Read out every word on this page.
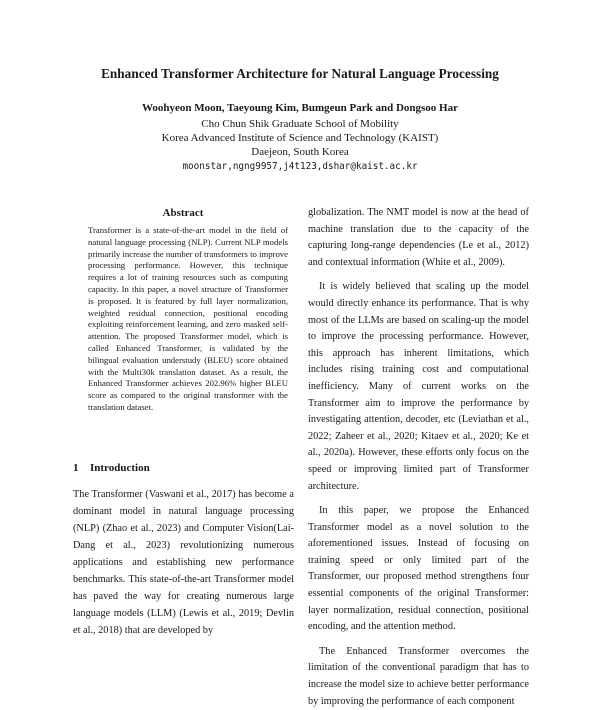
Enhanced Transformer Architecture for Natural Language Processing
Woohyeon Moon, Taeyoung Kim, Bumgeun Park and Dongsoo Har
Cho Chun Shik Graduate School of Mobility
Korea Advanced Institute of Science and Technology (KAIST)
Daejeon, South Korea
moonstar,ngng9957,j4t123,dshar@kaist.ac.kr
Abstract

Transformer is a state-of-the-art model in the field of natural language processing (NLP). Current NLP models primarily increase the number of transformers to improve processing performance. However, this technique requires a lot of training resources such as computing capacity. In this paper, a novel structure of Transformer is proposed. It is featured by full layer normalization, weighted residual connection, positional encoding exploiting reinforcement learning, and zero masked self-attention. The proposed Transformer model, which is called Enhanced Transformer, is validated by the bilingual evaluation understudy (BLEU) score obtained with the Multi30k translation dataset. As a result, the Enhanced Transformer achieves 202.96% higher BLEU score as compared to the original transformer with the translation dataset.

1 Introduction

The Transformer (Vaswani et al., 2017) has become a dominant model in natural language processing (NLP) (Zhao et al., 2023) and Computer Vision(Lai-Dang et al., 2023) revolutionizing numerous applications and establishing new performance benchmarks. This state-of-the-art Transformer model has paved the way for creating numerous large language models (LLM) (Lewis et al., 2019; Devlin et al., 2018) that are developed by

globalization. The NMT model is now at the head of machine translation due to the capacity of the capturing long-range dependencies (Le et al., 2012) and contextual information (White et al., 2009).

It is widely believed that scaling up the model would directly enhance its performance. That is why most of the LLMs are based on scaling-up the model to improve the processing performance. However, this approach has inherent limitations, which includes rising training cost and computational inefficiency. Many of current works on the Transformer aim to improve the performance by investigating attention, decoder, etc (Leviathan et al., 2022; Zaheer et al., 2020; Kitaev et al., 2020; Ke et al., 2020a). However, these efforts only focus on the speed or improving limited part of Transformer architecture.

In this paper, we propose the Enhanced Transformer model as a novel solution to the aforementioned issues. Instead of focusing on training speed or only limited part of the Transformer, our proposed method strengthens four essential components of the original Transformer: layer normalization, residual connection, positional encoding, and the attention method.

The Enhanced Transformer overcomes the limitation of the conventional paradigm that has to increase the model size to achieve better performance by improving the performance of each component
